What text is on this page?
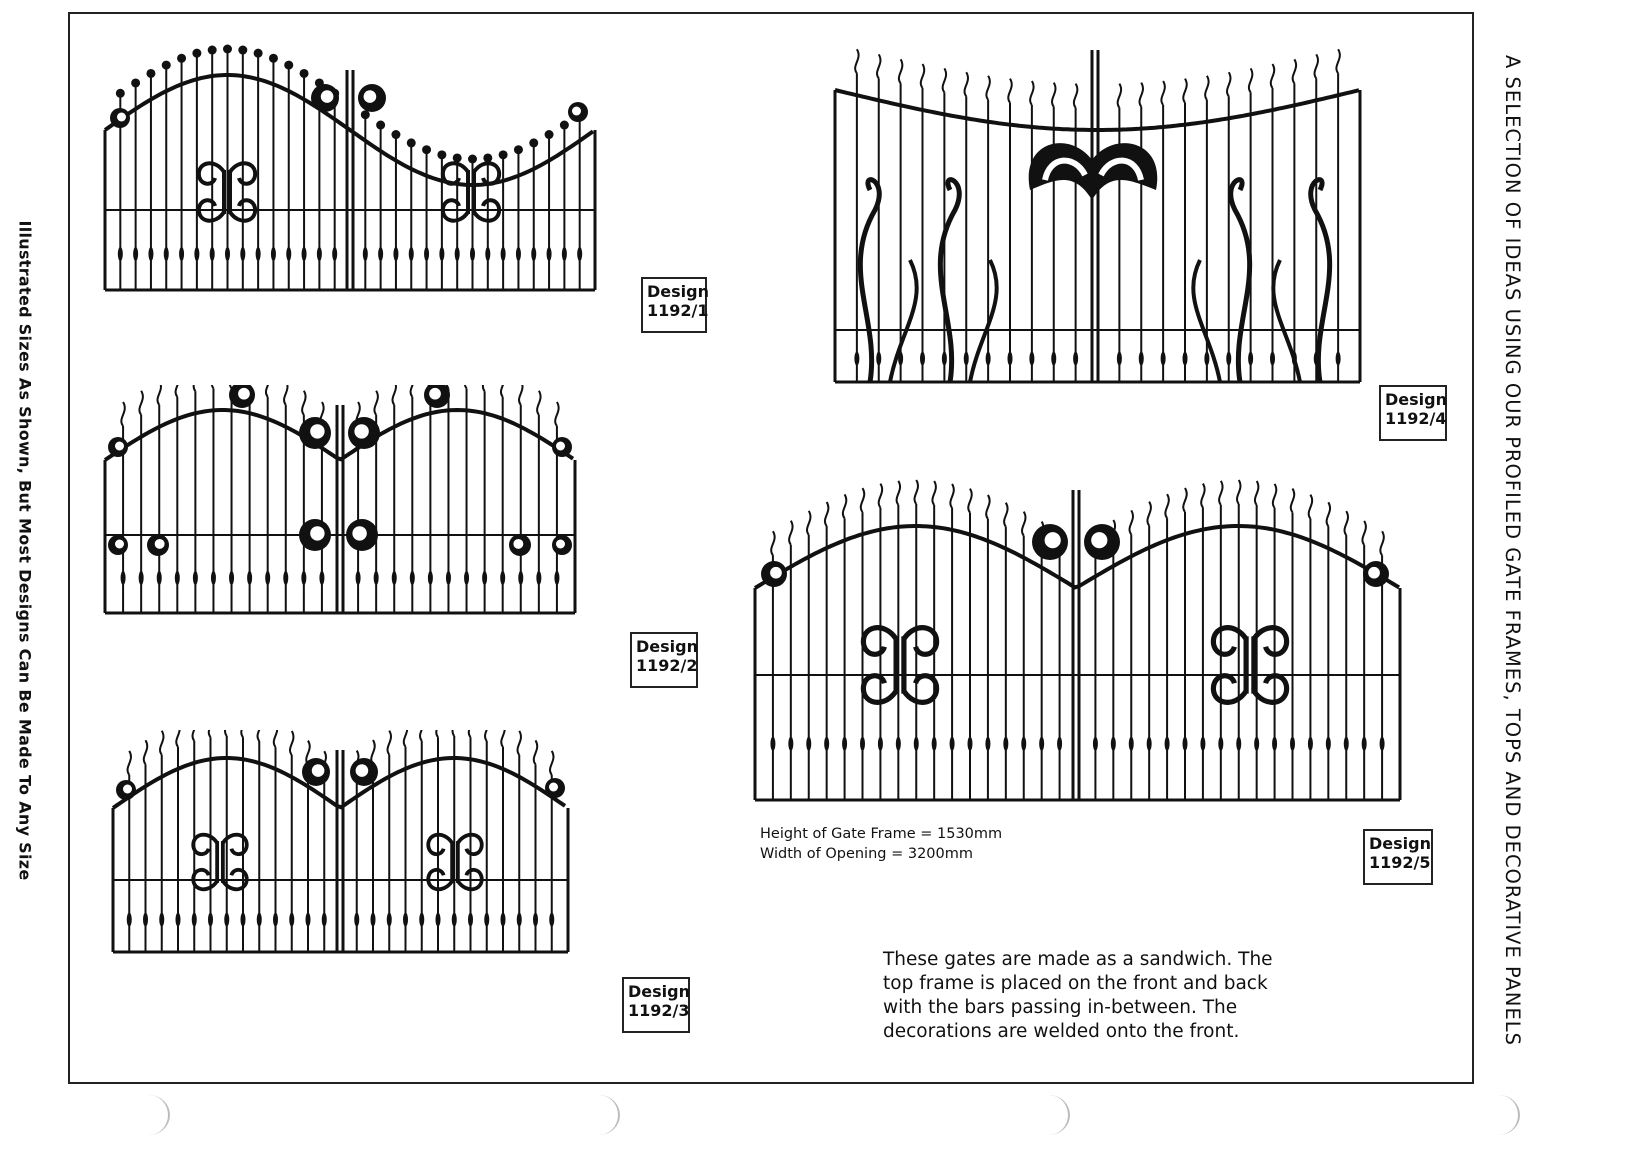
Illustrated Sizes As Shown, But Most Designs Can Be Made To Any Size	A SELECTION OF IDEAS USING OUR PROFILED GATE FRAMES, TOPS AND DECORATIVE PANELS
Design
1192/1
Design
1192/2
Design
1192/3
Design
1192/4
Design
1192/5
Height of Gate Frame = 1530mm
Width of Opening = 3200mm
These gates are made as a sandwich. The top frame is placed on the front and back with the bars passing in-between. The decorations are welded onto the front.
